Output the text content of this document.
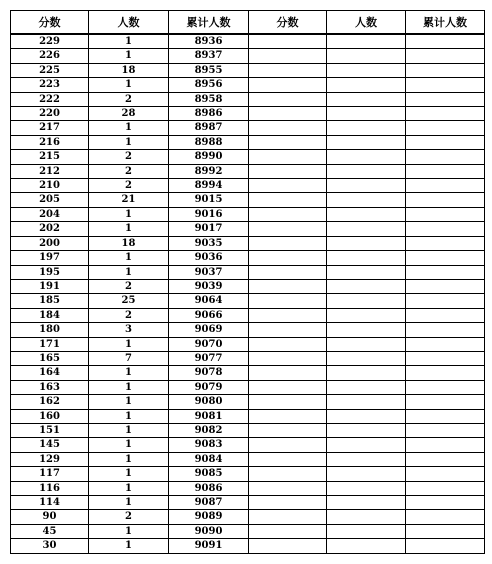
分数	人数	累计人数	分数	人数	累计人数
229	1	8936			
226	1	8937			
225	18	8955			
223	1	8956			
222	2	8958			
220	28	8986			
217	1	8987			
216	1	8988			
215	2	8990			
212	2	8992			
210	2	8994			
205	21	9015			
204	1	9016			
202	1	9017			
200	18	9035			
197	1	9036			
195	1	9037			
191	2	9039			
185	25	9064			
184	2	9066			
180	3	9069			
171	1	9070			
165	7	9077			
164	1	9078			
163	1	9079			
162	1	9080			
160	1	9081			
151	1	9082			
145	1	9083			
129	1	9084			
117	1	9085			
116	1	9086			
114	1	9087			
90	2	9089			
45	1	9090			
30	1	9091			
